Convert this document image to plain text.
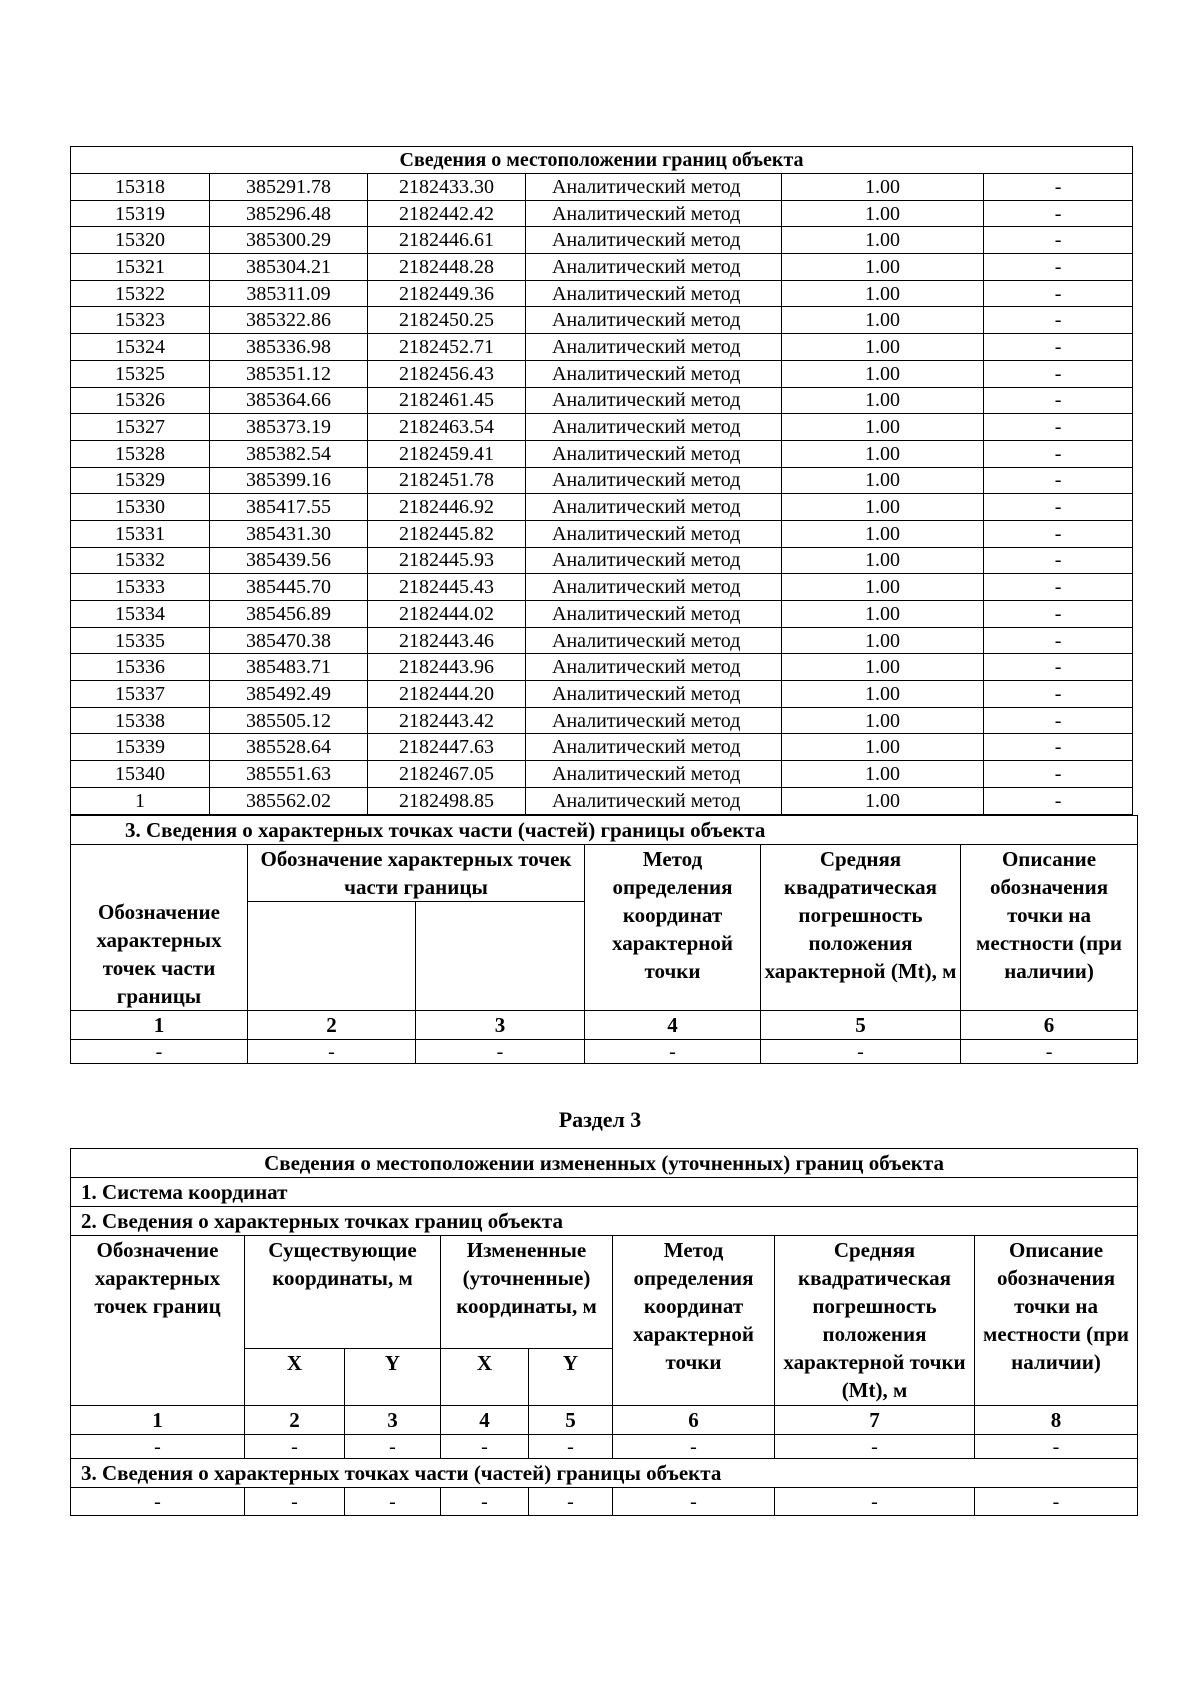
Сведения о местоположении границ объекта					
15318	385291.78	2182433.30	Аналитический метод	1.00	-
15319	385296.48	2182442.42	Аналитический метод	1.00	-
15320	385300.29	2182446.61	Аналитический метод	1.00	-
15321	385304.21	2182448.28	Аналитический метод	1.00	-
15322	385311.09	2182449.36	Аналитический метод	1.00	-
15323	385322.86	2182450.25	Аналитический метод	1.00	-
15324	385336.98	2182452.71	Аналитический метод	1.00	-
15325	385351.12	2182456.43	Аналитический метод	1.00	-
15326	385364.66	2182461.45	Аналитический метод	1.00	-
15327	385373.19	2182463.54	Аналитический метод	1.00	-
15328	385382.54	2182459.41	Аналитический метод	1.00	-
15329	385399.16	2182451.78	Аналитический метод	1.00	-
15330	385417.55	2182446.92	Аналитический метод	1.00	-
15331	385431.30	2182445.82	Аналитический метод	1.00	-
15332	385439.56	2182445.93	Аналитический метод	1.00	-
15333	385445.70	2182445.43	Аналитический метод	1.00	-
15334	385456.89	2182444.02	Аналитический метод	1.00	-
15335	385470.38	2182443.46	Аналитический метод	1.00	-
15336	385483.71	2182443.96	Аналитический метод	1.00	-
15337	385492.49	2182444.20	Аналитический метод	1.00	-
15338	385505.12	2182443.42	Аналитический метод	1.00	-
15339	385528.64	2182447.63	Аналитический метод	1.00	-
15340	385551.63	2182467.05	Аналитический метод	1.00	-
1	385562.02	2182498.85	Аналитический метод	1.00	-
3. Сведения о характерных точках части (частей) границы объекта					
Обозначение характерных точек части границы	Обозначение характерных точек части границы		Метод определения координат характерной точки	Средняя квадратическая погрешность положения характерной (Mt), м	Описание обозначения точки на местности (при наличии)

1	2	3	4	5	6
-	-	-	-	-	-
Раздел 3
Сведения о местоположении измененных (уточненных) границ объекта							
1. Система координат							
2. Сведения о характерных точках границ объекта							
Обозначение характерных точек границ	Существующие координаты, м		Измененные (уточненные) координаты, м		Метод определения координат характерной точки	Средняя квадратическая погрешность положения характерной точки (Mt), м	Описание обозначения точки на местности (при наличии)
	X	Y	X	Y			
1	2	3	4	5	6	7	8
-	-	-	-	-	-	-	-
3. Сведения о характерных точках части (частей) границы объекта							
-	-	-	-	-	-	-	-
